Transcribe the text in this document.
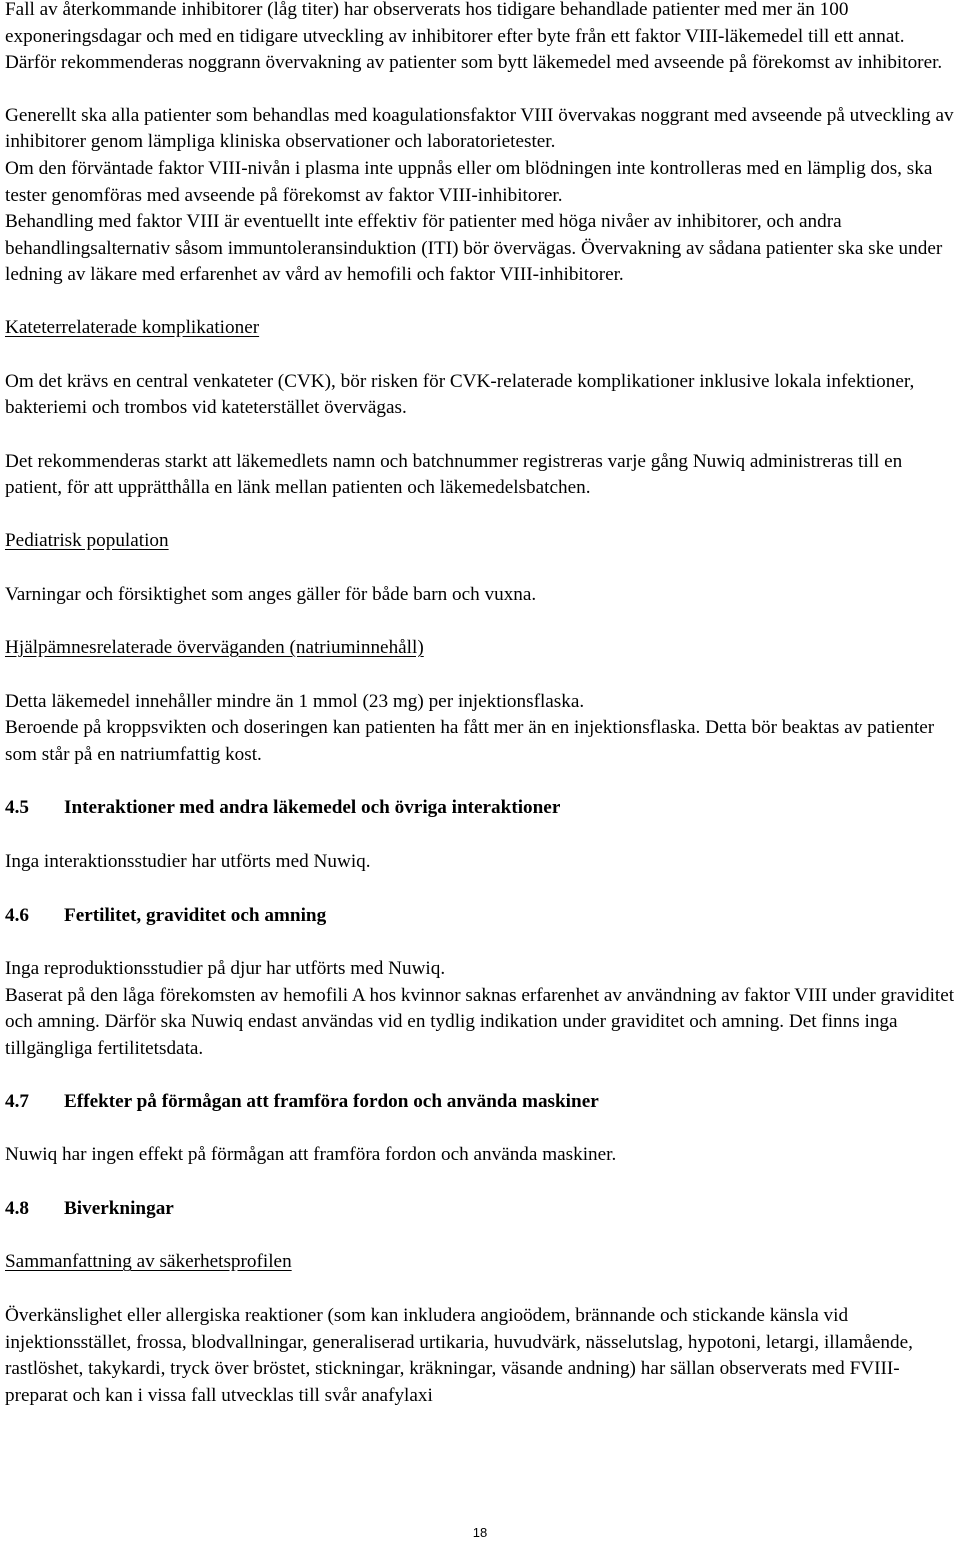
Fall av återkommande inhibitorer (låg titer) har observerats hos tidigare behandlade patienter med mer än 100 exponeringsdagar och med en tidigare utveckling av inhibitorer efter byte från ett faktor VIII-läkemedel till ett annat. Därför rekommenderas noggrann övervakning av patienter som bytt läkemedel med avseende på förekomst av inhibitorer.

Generellt ska alla patienter som behandlas med koagulationsfaktor VIII övervakas noggrant med avseende på utveckling av inhibitorer genom lämpliga kliniska observationer och laboratorietester.

Om den förväntade faktor VIII-nivån i plasma inte uppnås eller om blödningen inte kontrolleras med en lämplig dos, ska tester genomföras med avseende på förekomst av faktor VIII-inhibitorer.

Behandling med faktor VIII är eventuellt inte effektiv för patienter med höga nivåer av inhibitorer, och andra behandlingsalternativ såsom immuntoleransinduktion (ITI) bör övervägas. Övervakning av sådana patienter ska ske under ledning av läkare med erfarenhet av vård av hemofili och faktor VIII-inhibitorer.

Kateterrelaterade komplikationer

Om det krävs en central venkateter (CVK), bör risken för CVK-relaterade komplikationer inklusive lokala infektioner, bakteriemi och trombos vid kateterstället övervägas.

Det rekommenderas starkt att läkemedlets namn och batchnummer registreras varje gång Nuwiq administreras till en patient, för att upprätthålla en länk mellan patienten och läkemedelsbatchen.

Pediatrisk population

Varningar och försiktighet som anges gäller för både barn och vuxna.

Hjälpämnesrelaterade överväganden (natriuminnehåll)

Detta läkemedel innehåller mindre än 1 mmol (23 mg) per injektionsflaska.

Beroende på kroppsvikten och doseringen kan patienten ha fått mer än en injektionsflaska. Detta bör beaktas av patienter som står på en natriumfattig kost.

4.5 Interaktioner med andra läkemedel och övriga interaktioner

Inga interaktionsstudier har utförts med Nuwiq.

4.6 Fertilitet, graviditet och amning

Inga reproduktionsstudier på djur har utförts med Nuwiq.

Baserat på den låga förekomsten av hemofili A hos kvinnor saknas erfarenhet av användning av faktor VIII under graviditet och amning. Därför ska Nuwiq endast användas vid en tydlig indikation under graviditet och amning. Det finns inga tillgängliga fertilitetsdata.

4.7 Effekter på förmågan att framföra fordon och använda maskiner

Nuwiq har ingen effekt på förmågan att framföra fordon och använda maskiner.

4.8 Biverkningar

Sammanfattning av säkerhetsprofilen

Överkänslighet eller allergiska reaktioner (som kan inkludera angioödem, brännande och stickande känsla vid injektionsstället, frossa, blodvallningar, generaliserad urtikaria, huvudvärk, nässelutslag, hypotoni, letargi, illamående, rastlöshet, takykardi, tryck över bröstet, stickningar, kräkningar, väsande andning) har sällan observerats med FVIII-preparat och kan i vissa fall utvecklas till svår anafylaxi

18
